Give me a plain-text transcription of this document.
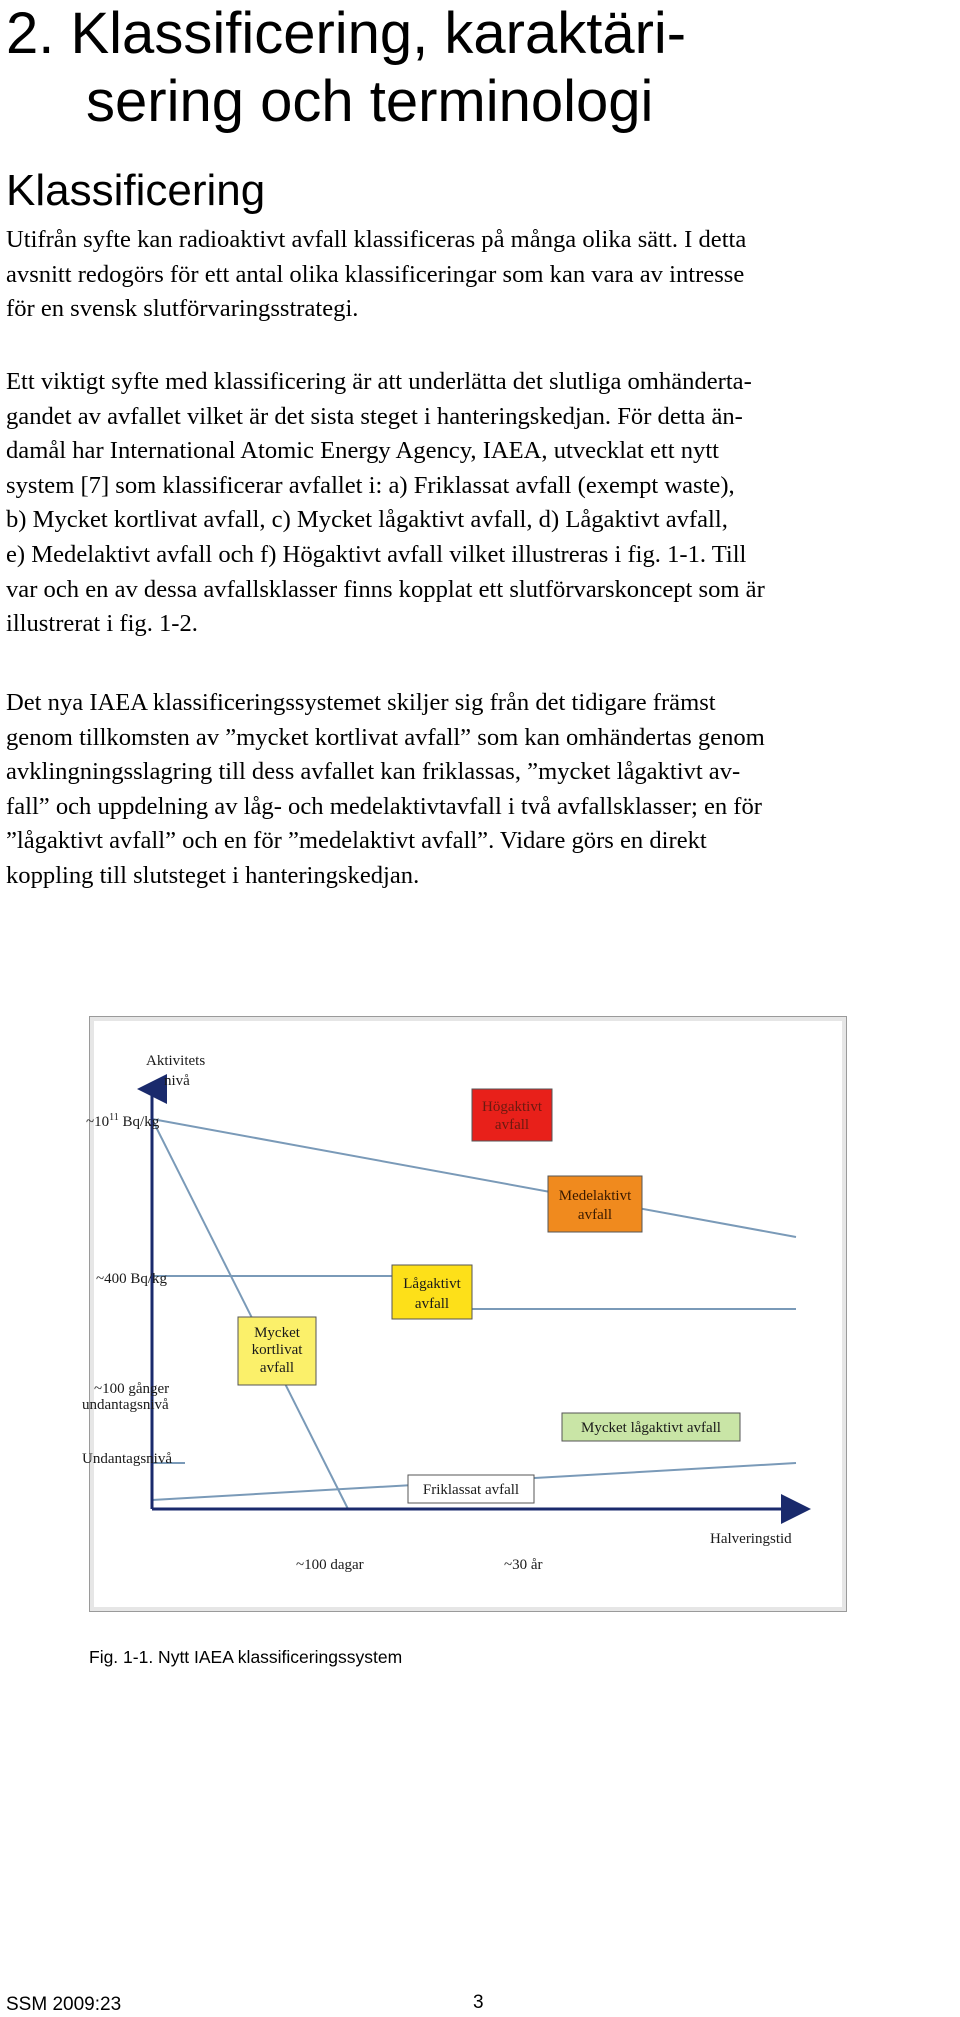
2. Klassificering, karaktäri-
sering och terminologi
Klassificering
Utifrån syfte kan radioaktivt avfall klassificeras på många olika sätt. I detta
avsnitt redogörs för ett antal olika klassificeringar som kan vara av intresse
för en svensk slutförvaringsstrategi.
Ett viktigt syfte med klassificering är att underlätta det slutliga omhänderta-
gandet av avfallet vilket är det sista steget i hanteringskedjan. För detta än-
damål har International Atomic Energy Agency, IAEA, utvecklat ett nytt
system [7] som klassificerar avfallet i: a) Friklassat avfall (exempt waste),
b) Mycket kortlivat avfall, c) Mycket lågaktivt avfall, d) Lågaktivt avfall,
e) Medelaktivt avfall och f) Högaktivt avfall vilket illustreras i fig. 1-1. Till
var och en av dessa avfallsklasser finns kopplat ett slutförvarskoncept som är
illustrerat i fig. 1-2.
Det nya IAEA klassificeringssystemet skiljer sig från det tidigare främst
genom tillkomsten av ”mycket kortlivat avfall” som kan omhändertas genom
avklingningsslagring till dess avfallet kan friklassas, ”mycket lågaktivt av-
fall” och uppdelning av låg- och medelaktivtavfall i två avfallsklasser; en för
”lågaktivt avfall” och en för ”medelaktivt avfall”. Vidare görs en direkt
koppling till slutsteget i hanteringskedjan.
Aktivitets
nivå
$\sim 10^{11}$ Bq/kg
~400 Bq/kg
~100 gånger
undantagsnivå
Undantagsnivå
Halveringstid
~100 dagar	~30 år
Högaktivt
avfall
Medelaktivt
avfall
Lågaktivt
avfall
Mycket
kortlivat
avfall
Mycket lågaktivt avfall
Friklassat avfall
Fig. 1-1. Nytt IAEA klassificeringssystem
SSM 2009:23	3
